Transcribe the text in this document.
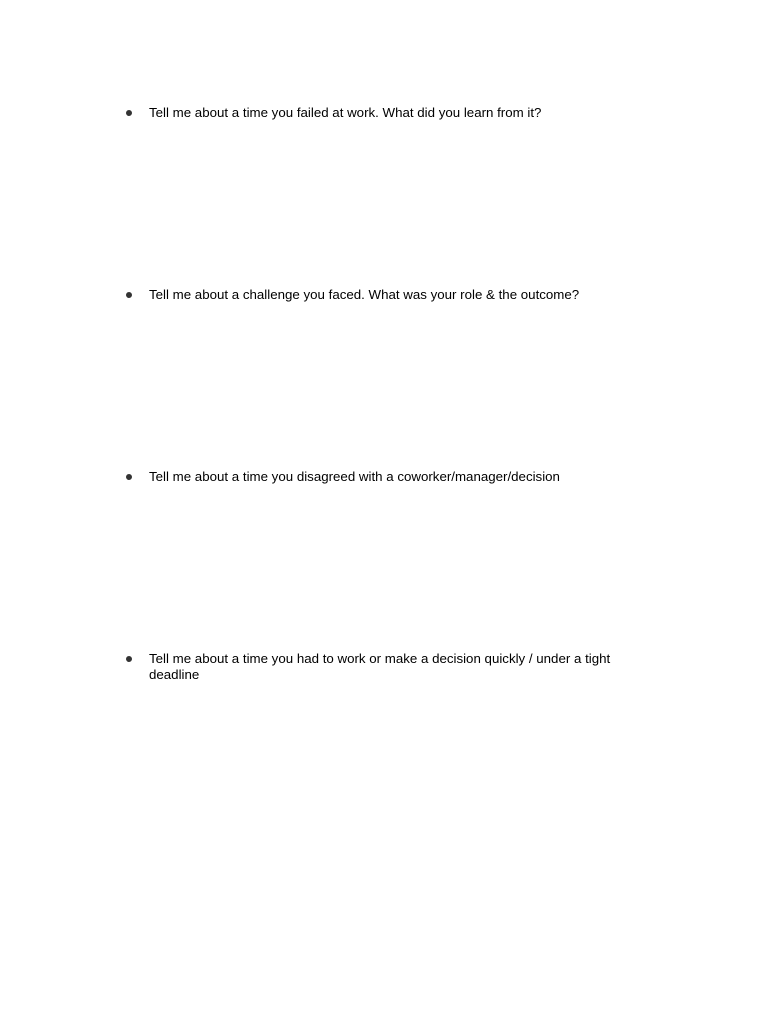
Tell me about a time you failed at work. What did you learn from it?
Tell me about a challenge you faced. What was your role & the outcome?
Tell me about a time you disagreed with a coworker/manager/decision
Tell me about a time you had to work or make a decision quickly / under a tight deadline
